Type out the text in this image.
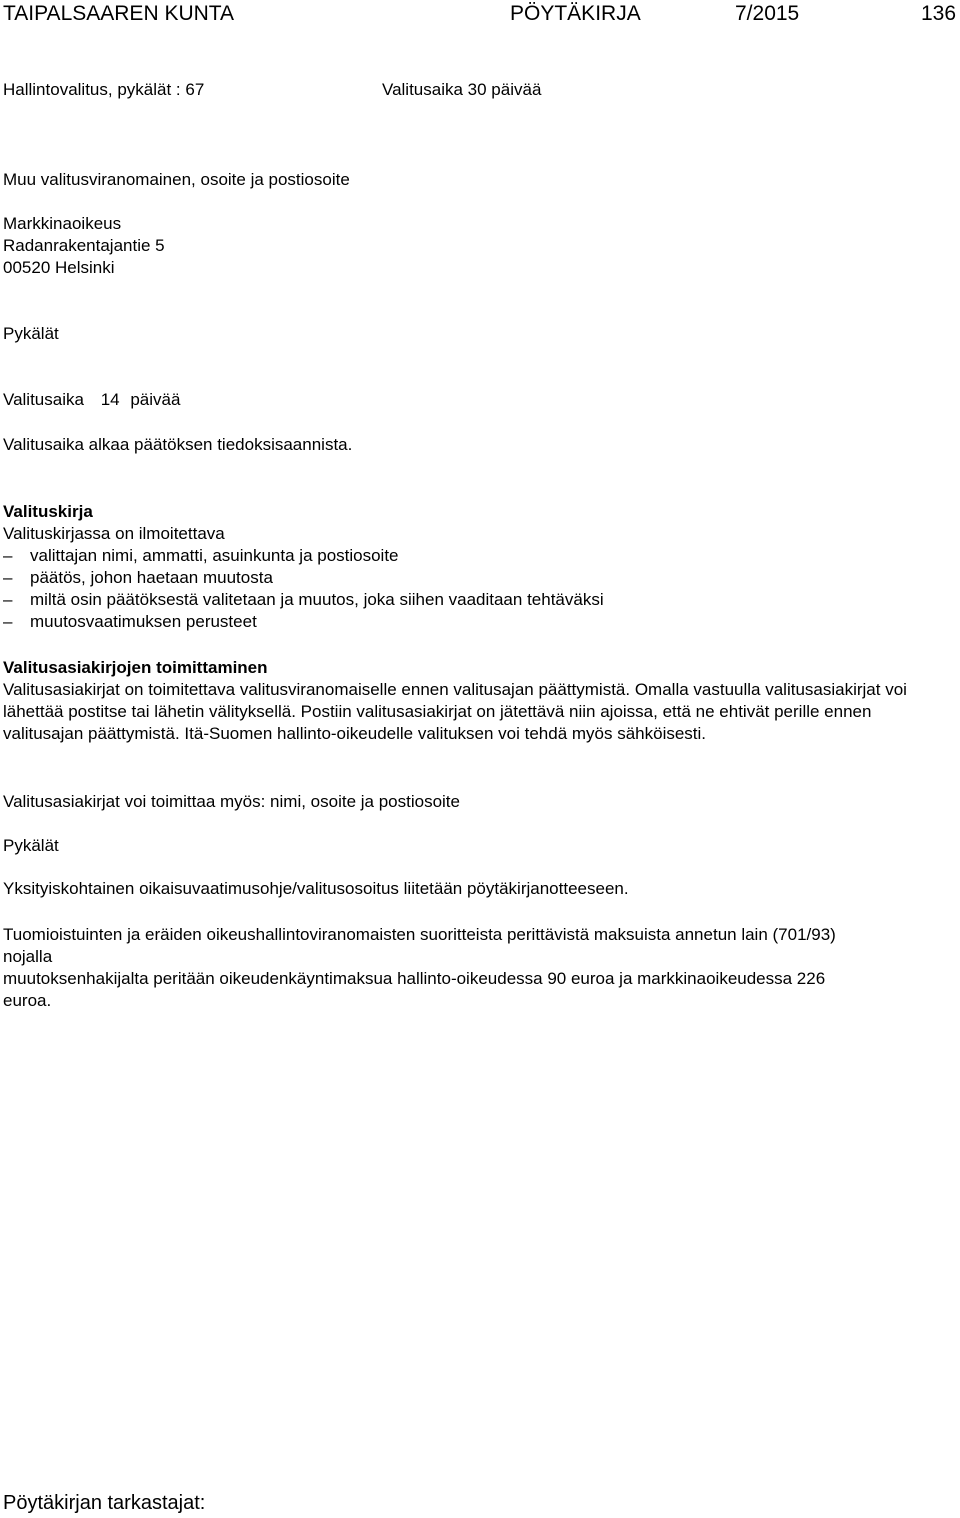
TAIPALSAAREN KUNTA	PÖYTÄKIRJA	7/2015	136
Hallintovalitus, pykälät : 67	Valitusaika 30 päivää
Muu valitusviranomainen, osoite ja postiosoite
Markkinaoikeus
Radanrakentajantie 5
00520 Helsinki
Pykälät
Valitusaika 14 päivää
Valitusaika alkaa päätöksen tiedoksisaannista.
Valituskirja
Valituskirjassa on ilmoitettava
– valittajan nimi, ammatti, asuinkunta ja postiosoite
– päätös, johon haetaan muutosta
– miltä osin päätöksestä valitetaan ja muutos, joka siihen vaaditaan tehtäväksi
– muutosvaatimuksen perusteet
Valitusasiakirjojen toimittaminen
Valitusasiakirjat on toimitettava valitusviranomaiselle ennen valitusajan päättymistä. Omalla vastuulla valitusasiakirjat voi lähettää postitse tai lähetin välityksellä. Postiin valitusasiakirjat on jätettävä niin ajoissa, että ne ehtivät perille ennen valitusajan päättymistä. Itä-Suomen hallinto-oikeudelle valituksen voi tehdä myös sähköisesti.
Valitusasiakirjat voi toimittaa myös: nimi, osoite ja postiosoite
Pykälät
Yksityiskohtainen oikaisuvaatimusohje/valitusosoitus liitetään pöytäkirjanotteeseen.
Tuomioistuinten ja eräiden oikeushallintoviranomaisten suoritteista perittävistä maksuista annetun lain (701/93)
nojalla
muutoksenhakijalta peritään oikeudenkäyntimaksua hallinto-oikeudessa 90 euroa ja markkinaoikeudessa 226
euroa.
Pöytäkirjan tarkastajat:
